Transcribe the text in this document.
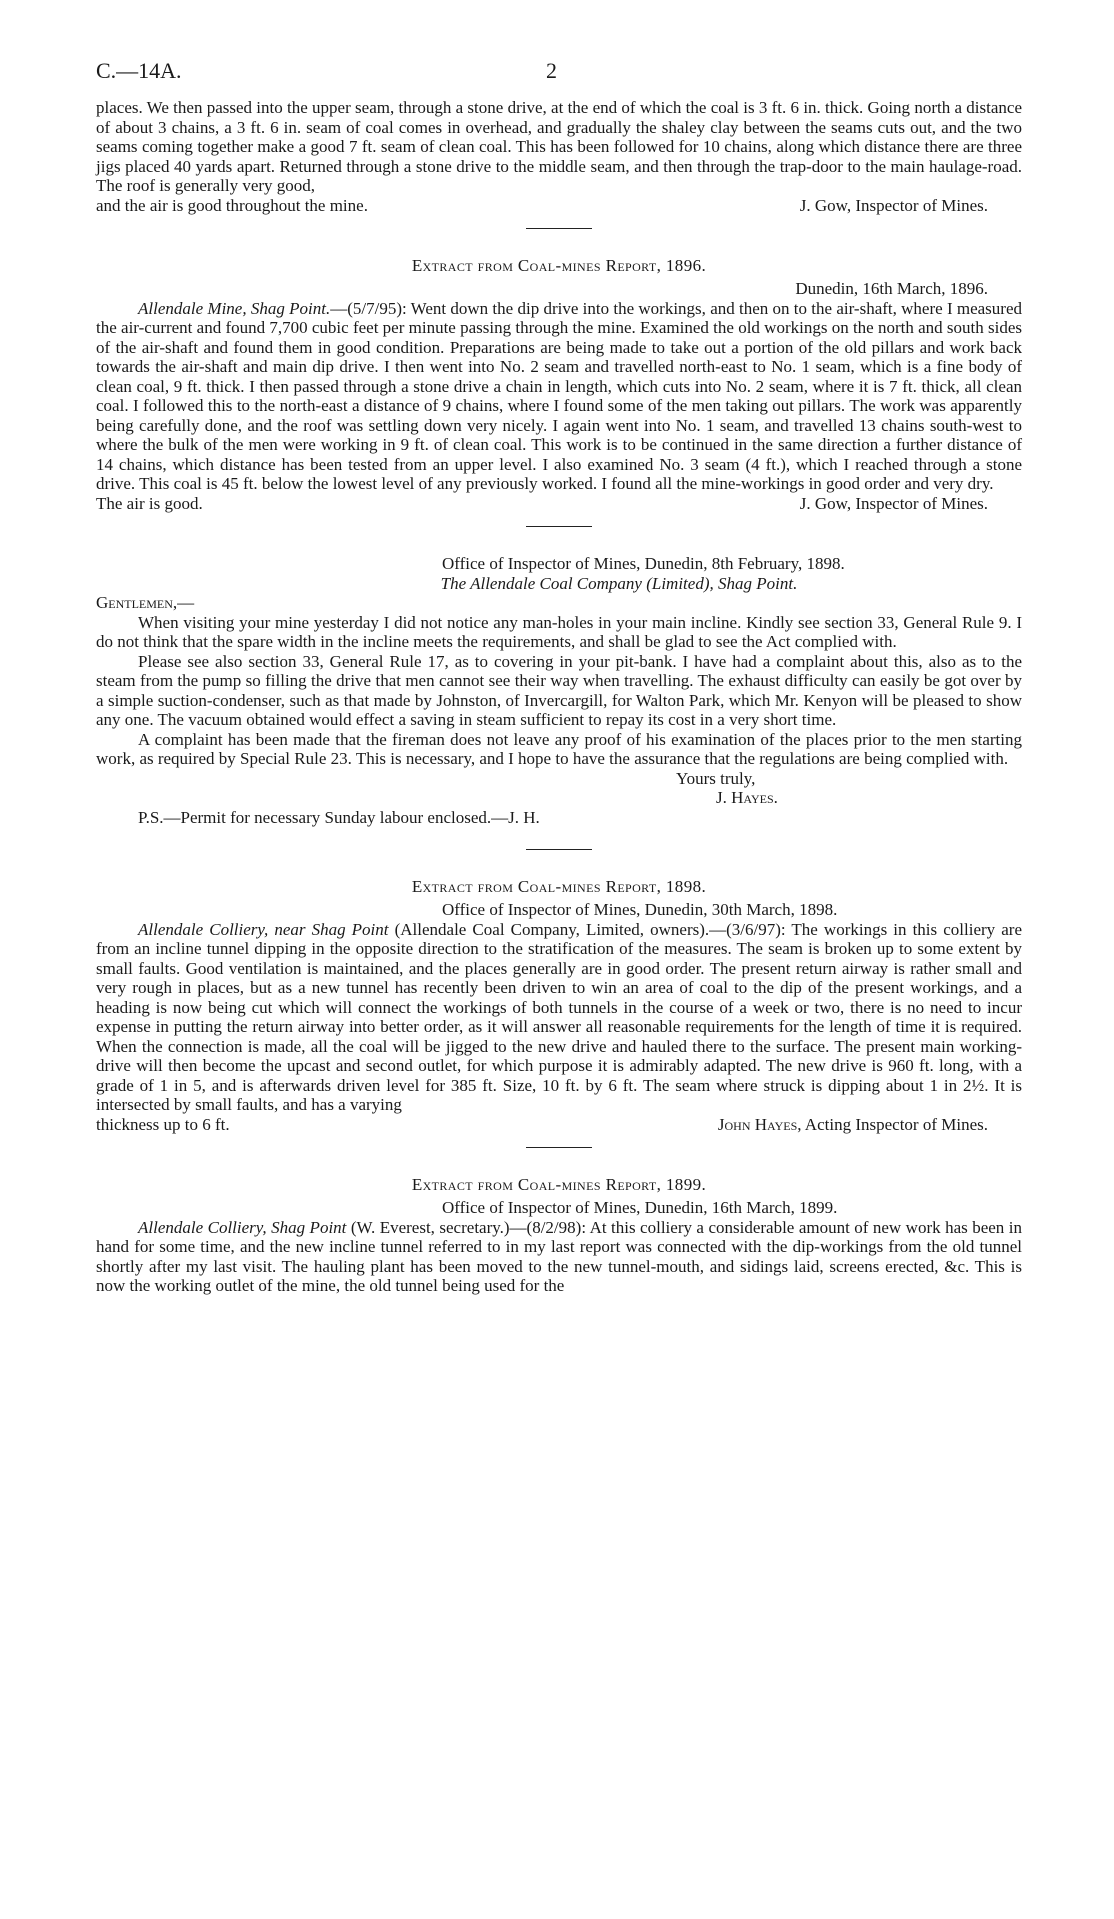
C.—14A.	2

places. We then passed into the upper seam, through a stone drive, at the end of which the coal is 3 ft. 6 in. thick. Going north a distance of about 3 chains, a 3 ft. 6 in. seam of coal comes in overhead, and gradually the shaley clay between the seams cuts out, and the two seams coming together make a good 7 ft. seam of clean coal. This has been followed for 10 chains, along which distance there are three jigs placed 40 yards apart. Returned through a stone drive to the middle seam, and then through the trap-door to the main haulage-road. The roof is generally very good,

and the air is good throughout the mine.	J. Gow, Inspector of Mines.
Extract from Coal-mines Report, 1896.

Dunedin, 16th March, 1896.

Allendale Mine, Shag Point.—(5/7/95): Went down the dip drive into the workings, and then on to the air-shaft, where I measured the air-current and found 7,700 cubic feet per minute passing through the mine. Examined the old workings on the north and south sides of the air-shaft and found them in good condition. Preparations are being made to take out a portion of the old pillars and work back towards the air-shaft and main dip drive. I then went into No. 2 seam and travelled north-east to No. 1 seam, which is a fine body of clean coal, 9 ft. thick. I then passed through a stone drive a chain in length, which cuts into No. 2 seam, where it is 7 ft. thick, all clean coal. I followed this to the north-east a distance of 9 chains, where I found some of the men taking out pillars. The work was apparently being carefully done, and the roof was settling down very nicely. I again went into No. 1 seam, and travelled 13 chains south-west to where the bulk of the men were working in 9 ft. of clean coal. This work is to be continued in the same direction a further distance of 14 chains, which distance has been tested from an upper level. I also examined No. 3 seam (4 ft.), which I reached through a stone drive. This coal is 45 ft. below the lowest level of any previously worked. I found all the mine-workings in good order and very dry.

The air is good.	J. Gow, Inspector of Mines.

Office of Inspector of Mines, Dunedin, 8th February, 1898.

The Allendale Coal Company (Limited), Shag Point.

Gentlemen,—

When visiting your mine yesterday I did not notice any man-holes in your main incline. Kindly see section 33, General Rule 9. I do not think that the spare width in the incline meets the requirements, and shall be glad to see the Act complied with.

Please see also section 33, General Rule 17, as to covering in your pit-bank. I have had a complaint about this, also as to the steam from the pump so filling the drive that men cannot see their way when travelling. The exhaust difficulty can easily be got over by a simple suction-condenser, such as that made by Johnston, of Invercargill, for Walton Park, which Mr. Kenyon will be pleased to show any one. The vacuum obtained would effect a saving in steam sufficient to repay its cost in a very short time.

A complaint has been made that the fireman does not leave any proof of his examination of the places prior to the men starting work, as required by Special Rule 23. This is necessary, and I hope to have the assurance that the regulations are being complied with.

Yours truly,

J. Hayes.

P.S.—Permit for necessary Sunday labour enclosed.—J. H.

Extract from Coal-mines Report, 1898.

Office of Inspector of Mines, Dunedin, 30th March, 1898.

Allendale Colliery, near Shag Point (Allendale Coal Company, Limited, owners).—(3/6/97): The workings in this colliery are from an incline tunnel dipping in the opposite direction to the stratification of the measures. The seam is broken up to some extent by small faults. Good ventilation is maintained, and the places generally are in good order. The present return airway is rather small and very rough in places, but as a new tunnel has recently been driven to win an area of coal to the dip of the present workings, and a heading is now being cut which will connect the workings of both tunnels in the course of a week or two, there is no need to incur expense in putting the return airway into better order, as it will answer all reasonable requirements for the length of time it is required. When the connection is made, all the coal will be jigged to the new drive and hauled there to the surface. The present main working-drive will then become the upcast and second outlet, for which purpose it is admirably adapted. The new drive is 960 ft. long, with a grade of 1 in 5, and is afterwards driven level for 385 ft. Size, 10 ft. by 6 ft. The seam where struck is dipping about 1 in 2½. It is intersected by small faults, and has a varying

thickness up to 6 ft.	John Hayes, Acting Inspector of Mines.
Extract from Coal-mines Report, 1899.

Office of Inspector of Mines, Dunedin, 16th March, 1899.

Allendale Colliery, Shag Point (W. Everest, secretary.)—(8/2/98): At this colliery a considerable amount of new work has been in hand for some time, and the new incline tunnel referred to in my last report was connected with the dip-workings from the old tunnel shortly after my last visit. The hauling plant has been moved to the new tunnel-mouth, and sidings laid, screens erected, &c. This is now the working outlet of the mine, the old tunnel being used for the
